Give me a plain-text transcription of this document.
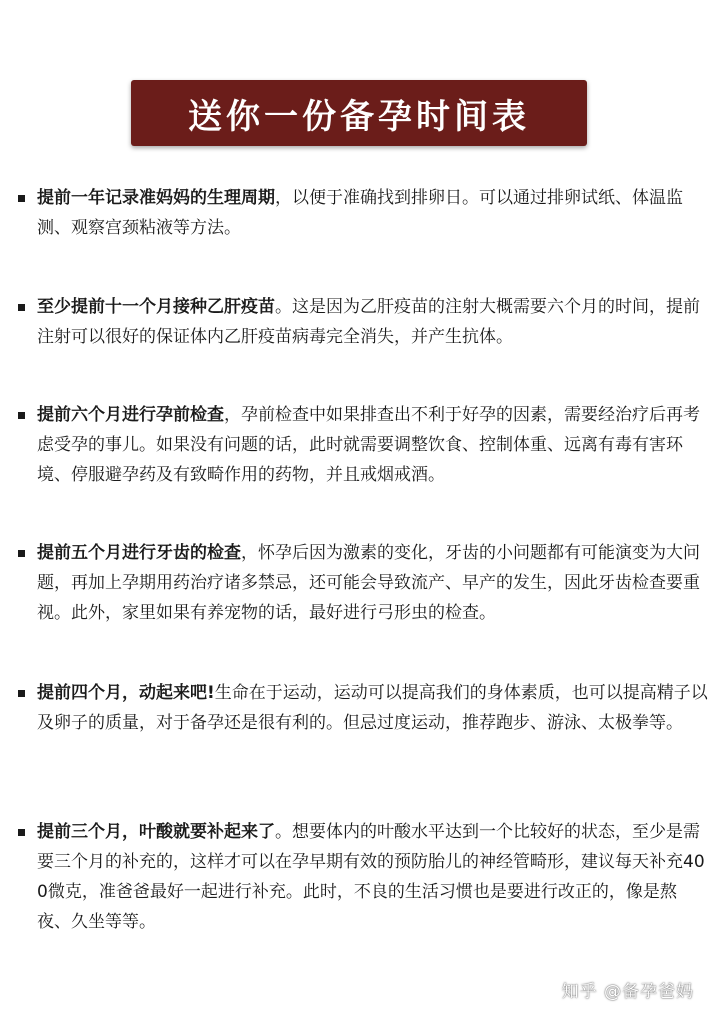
送你一份备孕时间表
提前一年记录准妈妈的生理周期，以便于准确找到排卵日。可以通过排卵试纸、体温监测、观察宫颈粘液等方法。
至少提前十一个月接种乙肝疫苗。这是因为乙肝疫苗的注射大概需要六个月的时间，提前注射可以很好的保证体内乙肝疫苗病毒完全消失，并产生抗体。
提前六个月进行孕前检查，孕前检查中如果排查出不利于好孕的因素，需要经治疗后再考虑受孕的事儿。如果没有问题的话，此时就需要调整饮食、控制体重、远离有毒有害环境、停服避孕药及有致畸作用的药物，并且戒烟戒酒。
提前五个月进行牙齿的检查，怀孕后因为激素的变化，牙齿的小问题都有可能演变为大问题，再加上孕期用药治疗诸多禁忌，还可能会导致流产、早产的发生，因此牙齿检查要重视。此外，家里如果有养宠物的话，最好进行弓形虫的检查。
提前四个月，动起来吧!生命在于运动，运动可以提高我们的身体素质，也可以提高精子以及卵子的质量，对于备孕还是很有利的。但忌过度运动，推荐跑步、游泳、太极拳等。
提前三个月，叶酸就要补起来了。想要体内的叶酸水平达到一个比较好的状态，至少是需要三个月的补充的，这样才可以在孕早期有效的预防胎儿的神经管畸形，建议每天补充400微克，准爸爸最好一起进行补充。此时，不良的生活习惯也是要进行改正的，像是熬夜、久坐等等。
知乎 @备孕爸妈
